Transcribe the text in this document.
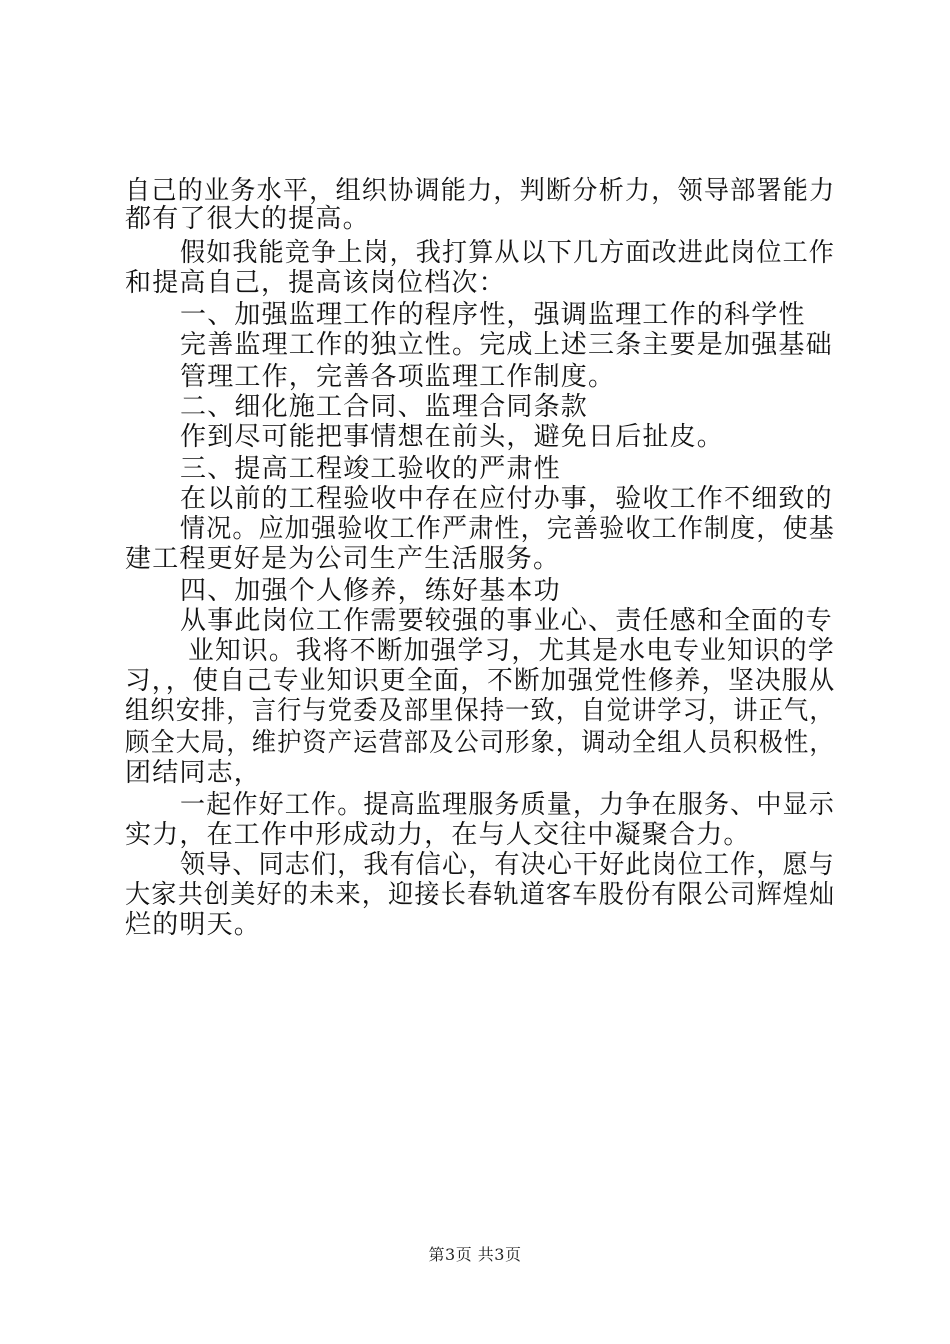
自己的业务水平，组织协调能力，判断分析力，领导部署能力
都有了很大的提高。
假如我能竞争上岗，我打算从以下几方面改进此岗位工作
和提高自己，提高该岗位档次：
一、加强监理工作的程序性，强调监理工作的科学性
完善监理工作的独立性。完成上述三条主要是加强基础
管理工作，完善各项监理工作制度。
二、细化施工合同、监理合同条款
作到尽可能把事情想在前头，避免日后扯皮。
三、提高工程竣工验收的严肃性
在以前的工程验收中存在应付办事，验收工作不细致的
情况。应加强验收工作严肃性，完善验收工作制度，使基
建工程更好是为公司生产生活服务。
四、加强个人修养，练好基本功
从事此岗位工作需要较强的事业心、责任感和全面的专
业知识。我将不断加强学习，尤其是水电专业知识的学
习，，使自己专业知识更全面，不断加强党性修养，坚决服从
组织安排，言行与党委及部里保持一致，自觉讲学习，讲正气，
顾全大局，维护资产运营部及公司形象，调动全组人员积极性，
团结同志，
一起作好工作。提高监理服务质量，力争在服务、中显示
实力，在工作中形成动力，在与人交往中凝聚合力。
领导、同志们，我有信心，有决心干好此岗位工作，愿与
大家共创美好的未来，迎接长春轨道客车股份有限公司辉煌灿
烂的明天。
第3页 共3页
